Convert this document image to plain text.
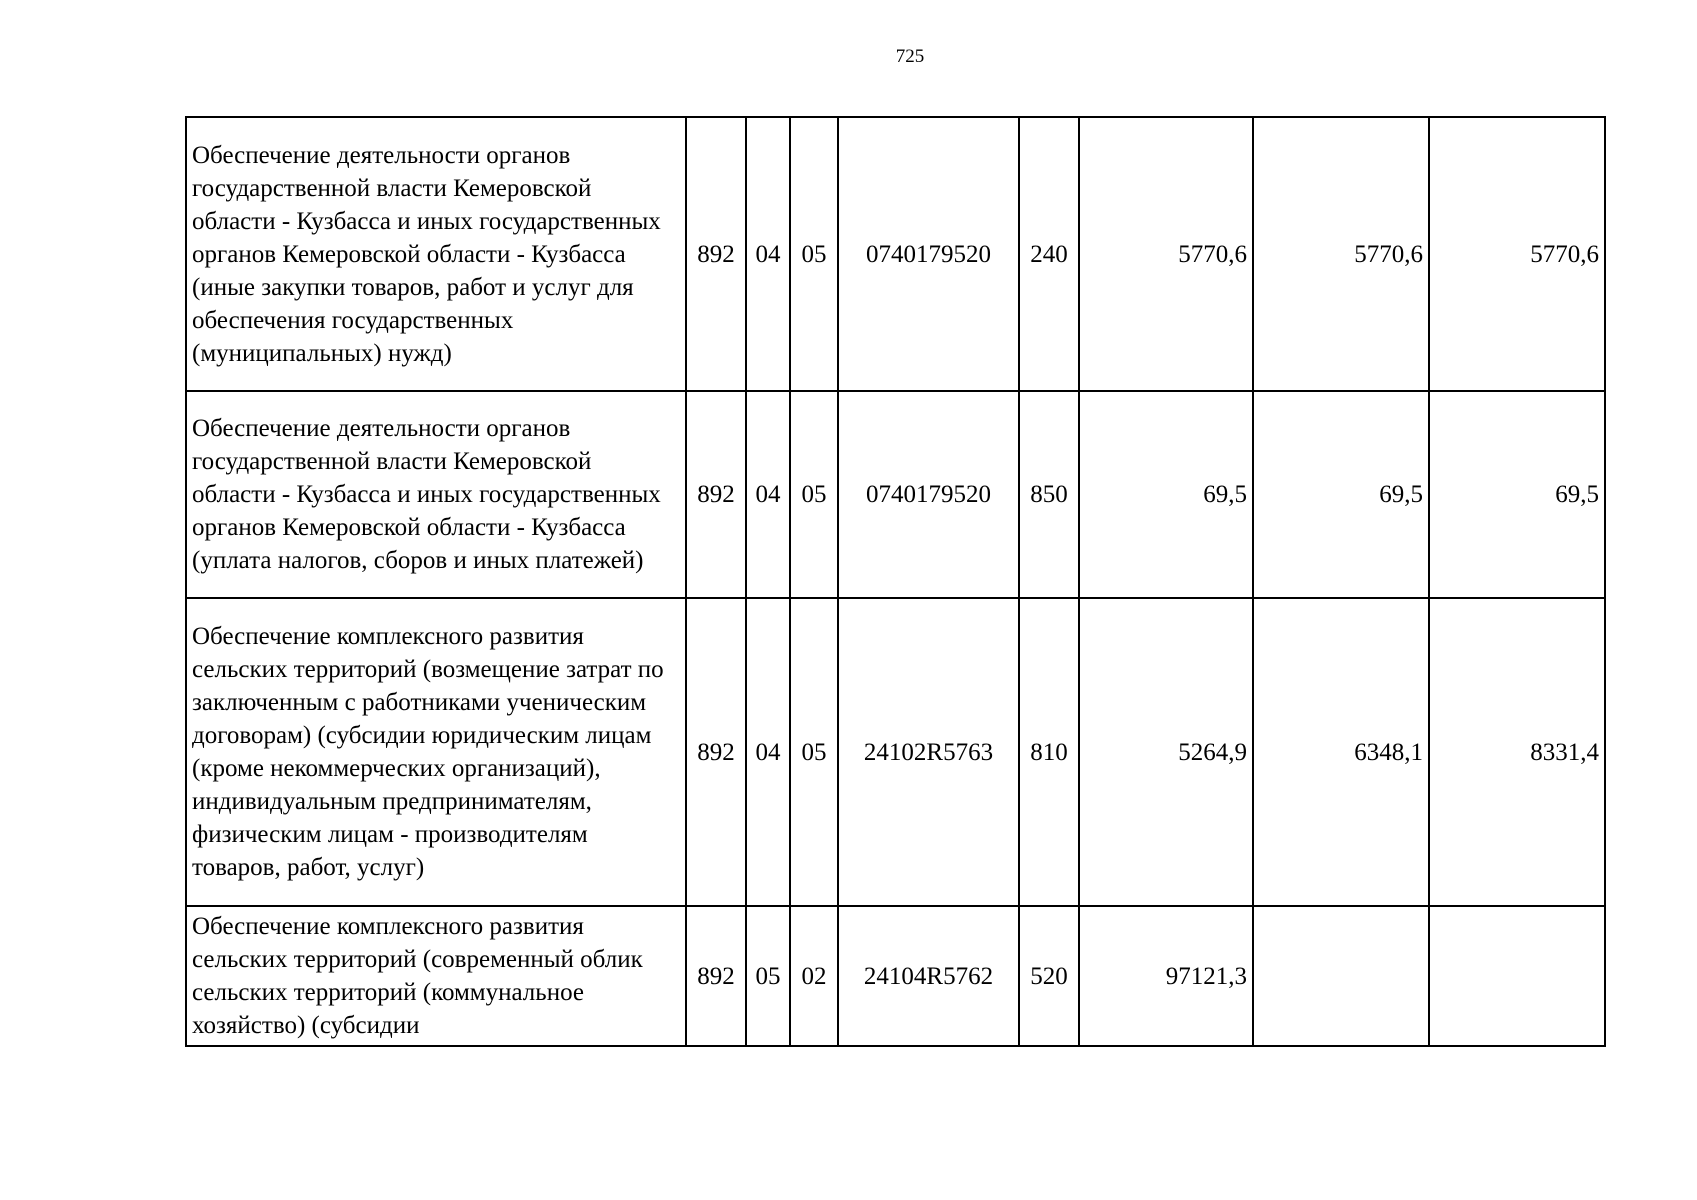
725
Обеспечение деятельности органов государственной власти Кемеровской области - Кузбасса и иных государственных органов Кемеровской области - Кузбасса (иные закупки товаров, работ и услуг для обеспечения государственных (муниципальных) нужд)	892	04	05	0740179520	240	5770,6	5770,6	5770,6
Обеспечение деятельности органов государственной власти Кемеровской области - Кузбасса и иных государственных органов Кемеровской области - Кузбасса (уплата налогов, сборов и иных платежей)	892	04	05	0740179520	850	69,5	69,5	69,5
Обеспечение комплексного развития сельских территорий (возмещение затрат по заключенным с работниками ученическим договорам) (субсидии юридическим лицам (кроме некоммерческих организаций), индивидуальным предпринимателям, физическим лицам - производителям товаров, работ, услуг)	892	04	05	24102R5763	810	5264,9	6348,1	8331,4
Обеспечение комплексного развития сельских территорий (современный облик сельских территорий (коммунальное хозяйство) (субсидии	892	05	02	24104R5762	520	97121,3		
